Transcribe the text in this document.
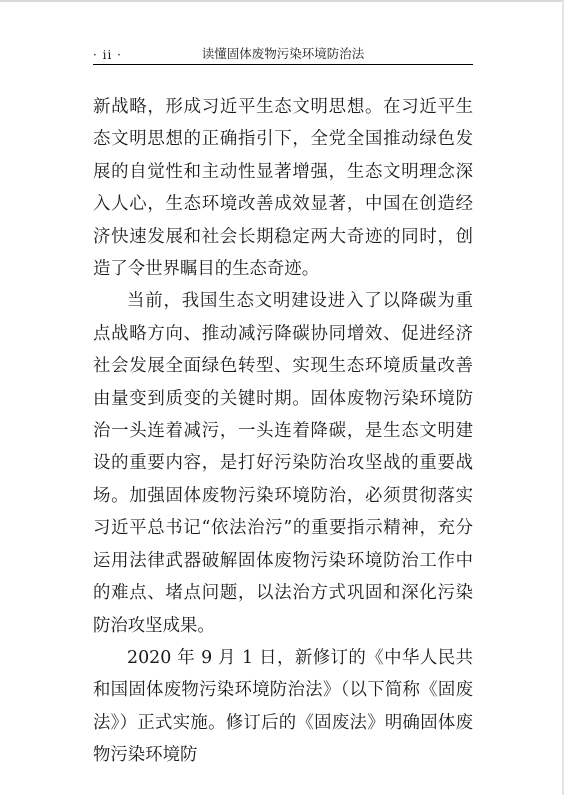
· ii ·	读懂固体废物污染环境防治法

新战略，形成习近平生态文明思想。在习近平生态文明思想的正确指引下，全党全国推动绿色发展的自觉性和主动性显著增强，生态文明理念深入人心，生态环境改善成效显著，中国在创造经济快速发展和社会长期稳定两大奇迹的同时，创造了令世界瞩目的生态奇迹。

当前，我国生态文明建设进入了以降碳为重点战略方向、推动减污降碳协同增效、促进经济社会发展全面绿色转型、实现生态环境质量改善由量变到质变的关键时期。固体废物污染环境防治一头连着减污，一头连着降碳，是生态文明建设的重要内容，是打好污染防治攻坚战的重要战场。加强固体废物污染环境防治，必须贯彻落实习近平总书记“依法治污”的重要指示精神，充分运用法律武器破解固体废物污染环境防治工作中的难点、堵点问题，以法治方式巩固和深化污染防治攻坚成果。

2020 年 9 月 1 日，新修订的《中华人民共和国固体废物污染环境防治法》（以下简称《固废法》）正式实施。修订后的《固废法》明确固体废物污染环境防
